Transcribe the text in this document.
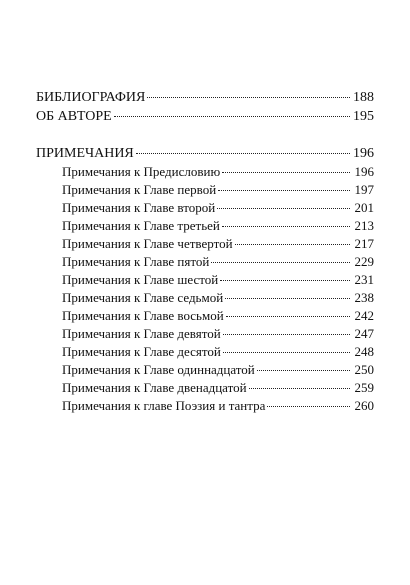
БИБЛИОГРАФИЯ	188
ОБ АВТОРЕ	195
ПРИМЕЧАНИЯ	196
Примечания к Предисловию	196
Примечания к Главе первой	197
Примечания к Главе второй	201
Примечания к Главе третьей	213
Примечания к Главе четвертой	217
Примечания к Главе пятой	229
Примечания к Главе шестой	231
Примечания к Главе седьмой	238
Примечания к Главе восьмой	242
Примечания к Главе девятой	247
Примечания к Главе десятой	248
Примечания к Главе одиннадцатой	250
Примечания к Главе двенадцатой	259
Примечания к главе Поэзия и тантра	260
